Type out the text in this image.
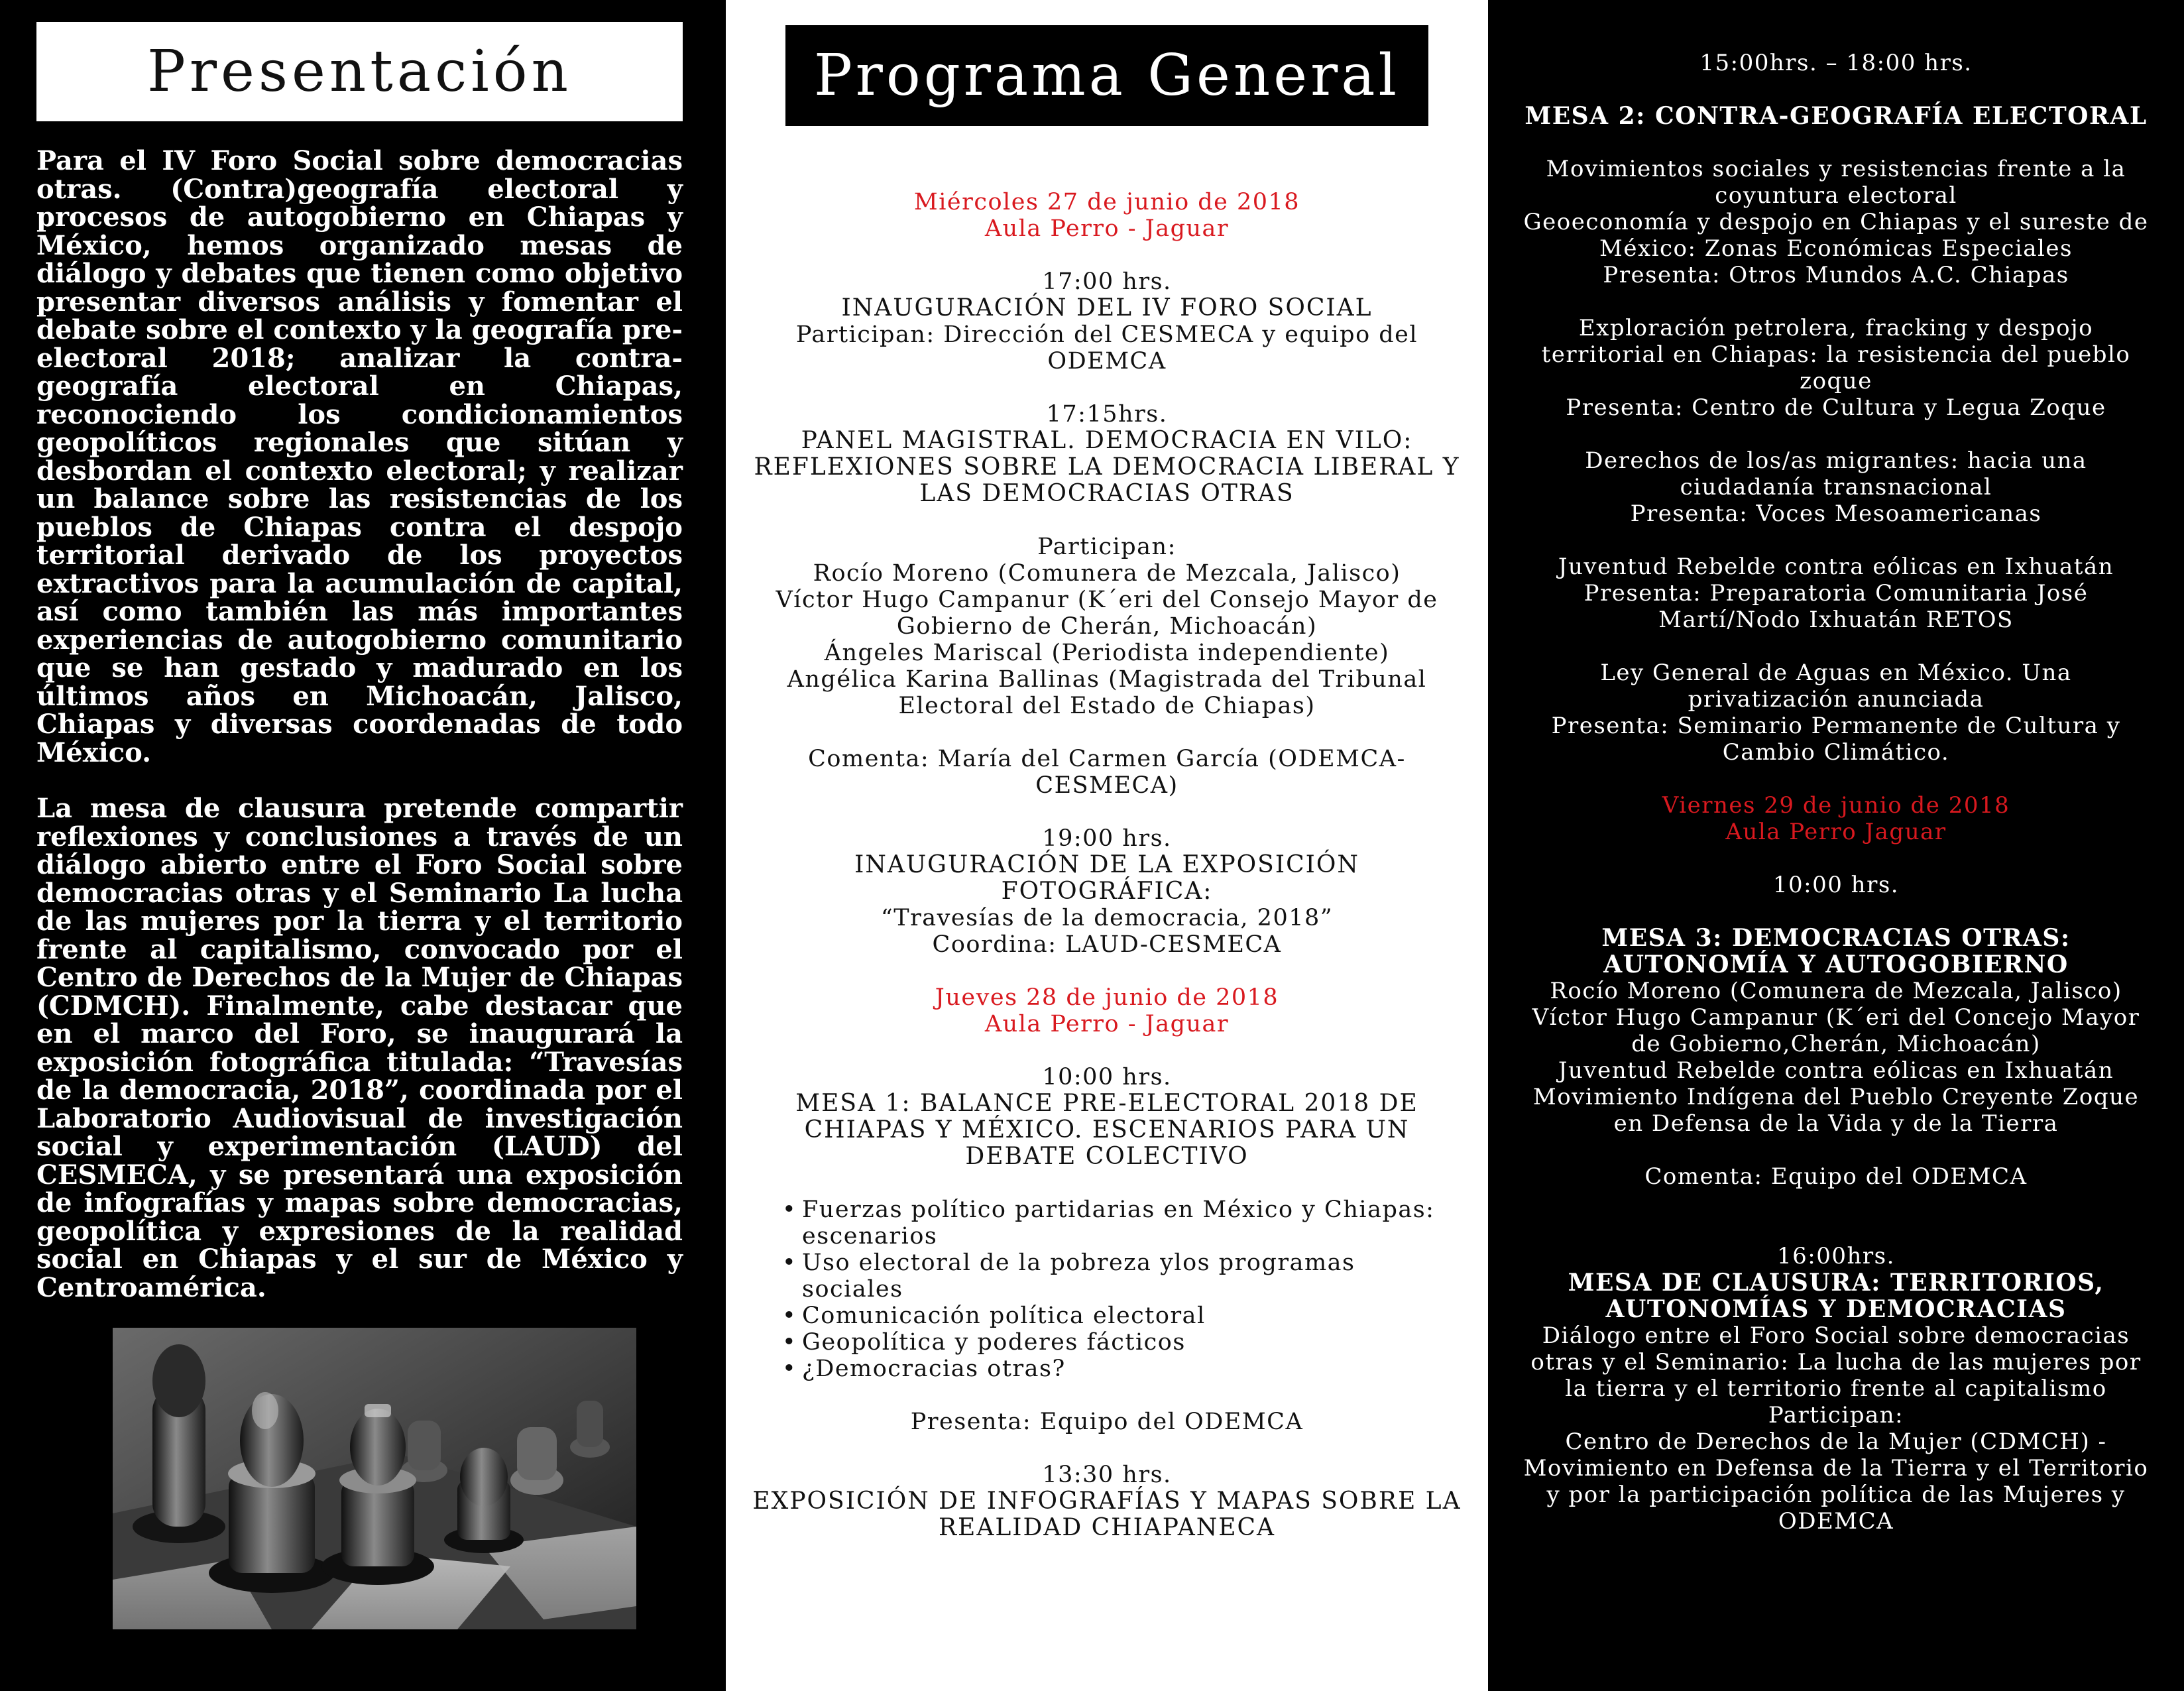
Presentación

Para el IV Foro Social sobre democracias otras. (Contra)geografía electoral y procesos de autogobierno en Chiapas y México, hemos organizado mesas de diálogo y debates que tienen como objetivo presentar diversos análisis y fomentar el debate sobre el contexto y la geografía pre-electoral 2018; analizar la contra-geografía electoral en Chiapas, reconociendo los condicionamientos geopolíticos regionales que sitúan y desbordan el contexto electoral; y realizar un balance sobre las resistencias de los pueblos de Chiapas contra el despojo territorial derivado de los proyectos extractivos para la acumulación de capital, así como también las más importantes experiencias de autogobierno comunitario que se han gestado y madurado en los últimos años en Michoacán, Jalisco, Chiapas y diversas coordenadas de todo México.

La mesa de clausura pretende compartir reflexiones y conclusiones a través de un diálogo abierto entre el Foro Social sobre democracias otras y el Seminario La lucha de las mujeres por la tierra y el territorio frente al capitalismo, convocado por el Centro de Derechos de la Mujer de Chiapas (CDMCH). Finalmente, cabe destacar que en el marco del Foro, se inaugurará la exposición fotográfica titulada: “Travesías de la democracia, 2018”, coordinada por el Laboratorio Audiovisual de investigación social y experimentación (LAUD) del CESMECA, y se presentará una exposición de infografías y mapas sobre democracias, geopolítica y expresiones de la realidad social en Chiapas y el sur de México y Centroamérica.

Programa General
Miércoles 27 de junio de 2018
Aula Perro - Jaguar
17:00 hrs.
INAUGURACIÓN DEL IV FORO SOCIAL
Participan: Dirección del CESMECA y equipo del ODEMCA
17:15hrs.
PANEL MAGISTRAL. DEMOCRACIA EN VILO: REFLEXIONES SOBRE LA DEMOCRACIA LIBERAL Y LAS DEMOCRACIAS OTRAS
Participan:
Rocío Moreno (Comunera de Mezcala, Jalisco)
Víctor Hugo Campanur (K´eri del Consejo Mayor de Gobierno de Cherán, Michoacán)
Ángeles Mariscal (Periodista independiente)
Angélica Karina Ballinas (Magistrada del Tribunal Electoral del Estado de Chiapas)
Comenta: María del Carmen García (ODEMCA-CESMECA)
19:00 hrs.
INAUGURACIÓN DE LA EXPOSICIÓN FOTOGRÁFICA:
“Travesías de la democracia, 2018”
Coordina: LAUD-CESMECA
Jueves 28 de junio de 2018
Aula Perro - Jaguar
10:00 hrs.
MESA 1: BALANCE PRE-ELECTORAL 2018 DE CHIAPAS Y MÉXICO. ESCENARIOS PARA UN DEBATE COLECTIVO
• Fuerzas político partidarias en México y Chiapas: escenarios
• Uso electoral de la pobreza ylos programas sociales
• Comunicación política electoral
• Geopolítica y poderes fácticos
• ¿Democracias otras?
Presenta: Equipo del ODEMCA
13:30 hrs.
EXPOSICIÓN DE INFOGRAFÍAS Y MAPAS SOBRE LA REALIDAD CHIAPANECA
15:00hrs. – 18:00 hrs.
MESA 2: CONTRA-GEOGRAFÍA ELECTORAL
Movimientos sociales y resistencias frente a la coyuntura electoral
Geoeconomía y despojo en Chiapas y el sureste de México: Zonas Económicas Especiales
Presenta: Otros Mundos A.C. Chiapas
Exploración petrolera, fracking y despojo territorial en Chiapas: la resistencia del pueblo zoque
Presenta: Centro de Cultura y Legua Zoque
Derechos de los/as migrantes: hacia una ciudadanía transnacional
Presenta: Voces Mesoamericanas
Juventud Rebelde contra eólicas en Ixhuatán
Presenta: Preparatoria Comunitaria José Martí/Nodo Ixhuatán RETOS
Ley General de Aguas en México. Una privatización anunciada
Presenta: Seminario Permanente de Cultura y Cambio Climático.
Viernes 29 de junio de 2018
Aula Perro Jaguar
10:00 hrs.
MESA 3: DEMOCRACIAS OTRAS: AUTONOMÍA Y AUTOGOBIERNO
Rocío Moreno (Comunera de Mezcala, Jalisco)
Víctor Hugo Campanur (K´eri del Concejo Mayor de Gobierno,Cherán, Michoacán)
Juventud Rebelde contra eólicas en Ixhuatán
Movimiento Indígena del Pueblo Creyente Zoque en Defensa de la Vida y de la Tierra
Comenta: Equipo del ODEMCA
16:00hrs.
MESA DE CLAUSURA: TERRITORIOS, AUTONOMÍAS Y DEMOCRACIAS
Diálogo entre el Foro Social sobre democracias otras y el Seminario: La lucha de las mujeres por la tierra y el territorio frente al capitalismo
Participan:
Centro de Derechos de la Mujer (CDMCH) -Movimiento en Defensa de la Tierra y el Territorio y por la participación política de las Mujeres y ODEMCA
